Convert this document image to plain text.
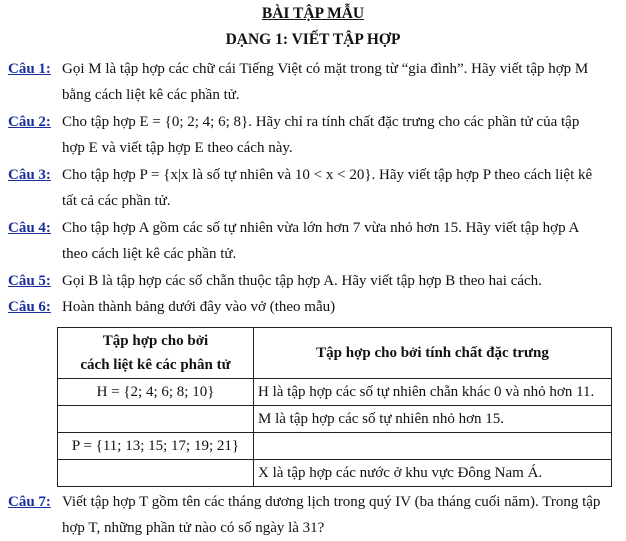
BÀI TẬP MẪU
DẠNG 1: VIẾT TẬP HỢP
Câu 1: Gọi M là tập hợp các chữ cái Tiếng Việt có mặt trong từ “gia đình”. Hãy viết tập hợp M
bằng cách liệt kê các phần tử.
Câu 2: Cho tập hợp E = {0; 2; 4; 6; 8}. Hãy chỉ ra tính chất đặc trưng cho các phần tử của tập
hợp E và viết tập hợp E theo cách này.
Câu 3: Cho tập hợp P = {x|x là số tự nhiên và 10 < x < 20}. Hãy viết tập hợp P theo cách liệt kê
tất cả các phần tử.
Câu 4: Cho tập hợp A gồm các số tự nhiên vừa lớn hơn 7 vừa nhỏ hơn 15. Hãy viết tập hợp A
theo cách liệt kê các phần tử.
Câu 5: Gọi B là tập hợp các số chẵn thuộc tập hợp A. Hãy viết tập hợp B theo hai cách.
Câu 6: Hoàn thành bảng dưới đây vào vở (theo mẫu)
Tập hợp cho bởi
cách liệt kê các phân tử	Tập hợp cho bởi tính chất đặc trưng
H = {2; 4; 6; 8; 10}	H là tập hợp các số tự nhiên chẵn khác 0 và nhỏ hơn 11.
	M là tập hợp các số tự nhiên nhỏ hơn 15.
P = {11; 13; 15; 17; 19; 21}	
	X là tập hợp các nước ở khu vực Đông Nam Á.
Câu 7: Viết tập hợp T gồm tên các tháng dương lịch trong quý IV (ba tháng cuối năm). Trong tập
hợp T, những phần tử nào có số ngày là 31?
